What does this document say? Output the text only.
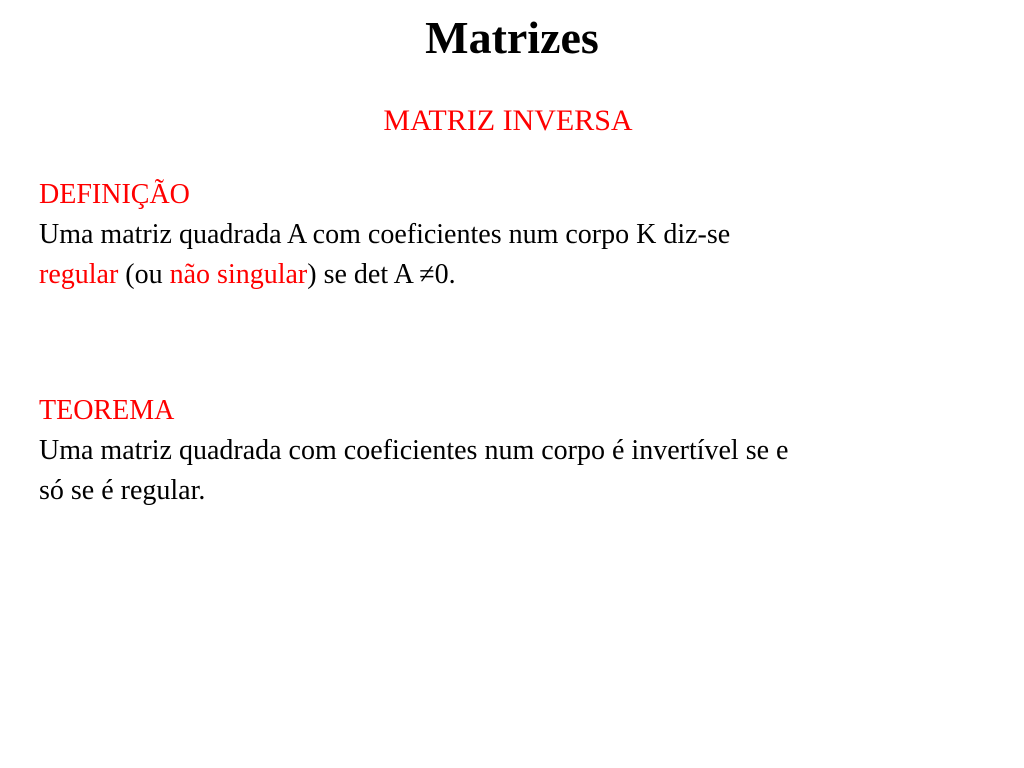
Matrizes
MATRIZ INVERSA
DEFINIÇÃO
Uma matriz quadrada A com coeficientes num corpo K diz-se
regular (ou não singular) se det A ≠0.
TEOREMA
Uma matriz quadrada com coeficientes num corpo é invertível se e
só se é regular.
